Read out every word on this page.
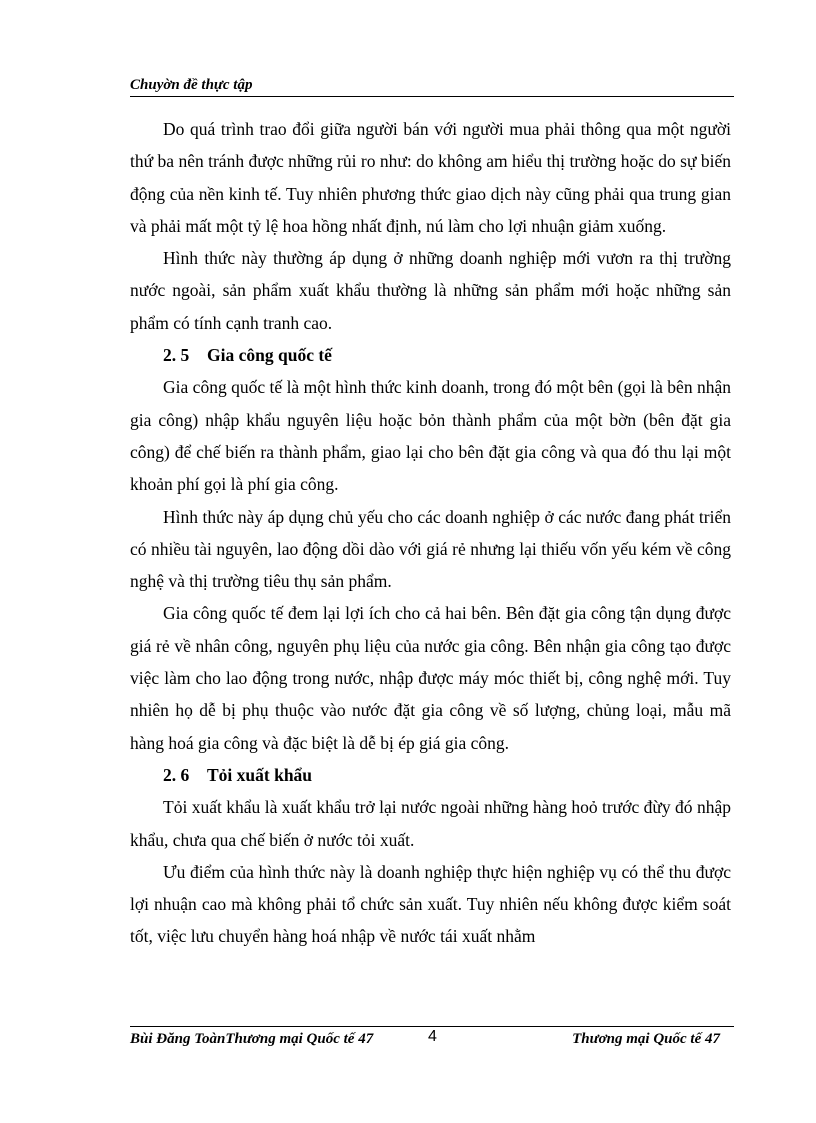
Chuyờn đề thực tập

Do quá trình trao đổi giữa người bán với người mua phải thông qua một người thứ ba nên tránh được những rủi ro như: do không am hiểu thị trường hoặc do sự biến động của nền kinh tế. Tuy nhiên phương thức giao dịch này cũng phải qua trung gian và phải mất một tỷ lệ hoa hồng nhất định, nú làm cho lợi nhuận giảm xuống.

Hình thức này thường áp dụng ở những doanh nghiệp mới vươn ra thị trường nước ngoài, sản phẩm xuất khẩu thường là những sản phẩm mới hoặc những sản phẩm có tính cạnh tranh cao.

2. 5 Gia công quốc tế

Gia công quốc tế là một hình thức kinh doanh, trong đó một bên (gọi là bên nhận gia công) nhập khẩu nguyên liệu hoặc bỏn thành phẩm của một bờn (bên đặt gia công) để chế biến ra thành phẩm, giao lại cho bên đặt gia công và qua đó thu lại một khoản phí gọi là phí gia công.

Hình thức này áp dụng chủ yếu cho các doanh nghiệp ở các nước đang phát triển có nhiều tài nguyên, lao động dồi dào với giá rẻ nhưng lại thiếu vốn yếu kém về công nghệ và thị trường tiêu thụ sản phẩm.

Gia công quốc tế đem lại lợi ích cho cả hai bên. Bên đặt gia công tận dụng được giá rẻ về nhân công, nguyên phụ liệu của nước gia công. Bên nhận gia công tạo được việc làm cho lao động trong nước, nhập được máy móc thiết bị, công nghệ mới. Tuy nhiên họ dễ bị phụ thuộc vào nước đặt gia công về số lượng, chủng loại, mẫu mã hàng hoá gia công và đặc biệt là dễ bị ép giá gia công.

2. 6 Tỏi xuất khẩu

Tỏi xuất khẩu là xuất khẩu trở lại nước ngoài những hàng hoỏ trước đừy đó nhập khẩu, chưa qua chế biến ở nước tỏi xuất.

Ưu điểm của hình thức này là doanh nghiệp thực hiện nghiệp vụ có thể thu được lợi nhuận cao mà không phải tổ chức sản xuất. Tuy nhiên nếu không được kiểm soát tốt, việc lưu chuyển hàng hoá nhập về nước tái xuất nhằm

Bùi Đăng ToànThương mại Quốc tế 47	4	Thương mại Quốc tế 47
